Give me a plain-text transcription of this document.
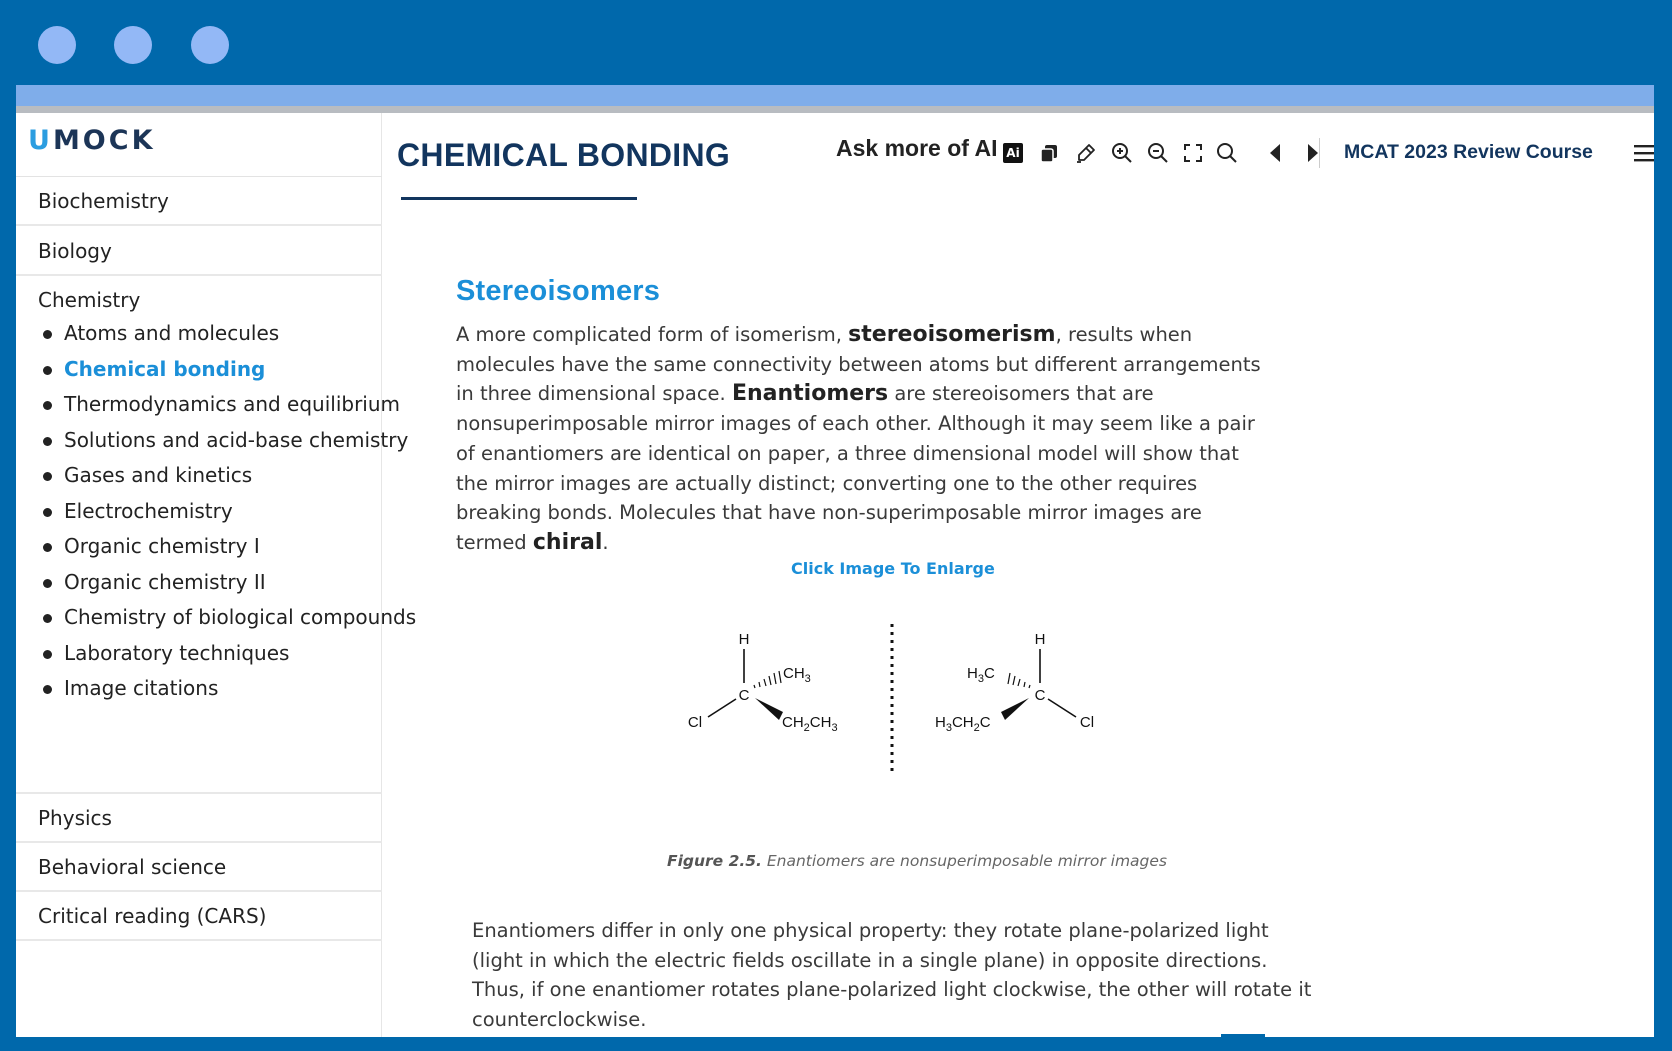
UMOCK
Biochemistry
Biology
Chemistry
Atoms and molecules
Chemical bonding
Thermodynamics and equilibrium
Solutions and acid-base chemistry
Gases and kinetics
Electrochemistry
Organic chemistry I
Organic chemistry II
Chemistry of biological compounds
Laboratory techniques
Image citations
Physics
Behavioral science
Critical reading (CARS)
CHEMICAL BONDING	Ask more of AI Ai	MCAT 2023 Review Course
Stereoisomers

A more complicated form of isomerism, stereoisomerism, results when molecules have the same connectivity between atoms but different arrangements in three dimensional space. Enantiomers are stereoisomers that are nonsuperimposable mirror images of each other. Although it may seem like a pair of enantiomers are identical on paper, a three dimensional model will show that the mirror images are actually distinct; converting one to the other requires breaking bonds. Molecules that have non-superimposable mirror images are termed chiral.

Click Image To Enlarge
H
C
$CH_3$
$CH_2CH_3$
Cl
H
C
$H_3C$
$H_3CH_2C$	Cl
Figure 2.5. Enantiomers are nonsuperimposable mirror images

Enantiomers differ in only one physical property: they rotate plane-polarized light (light in which the electric fields oscillate in a single plane) in opposite directions. Thus, if one enantiomer rotates plane-polarized light clockwise, the other will rotate it counterclockwise.
